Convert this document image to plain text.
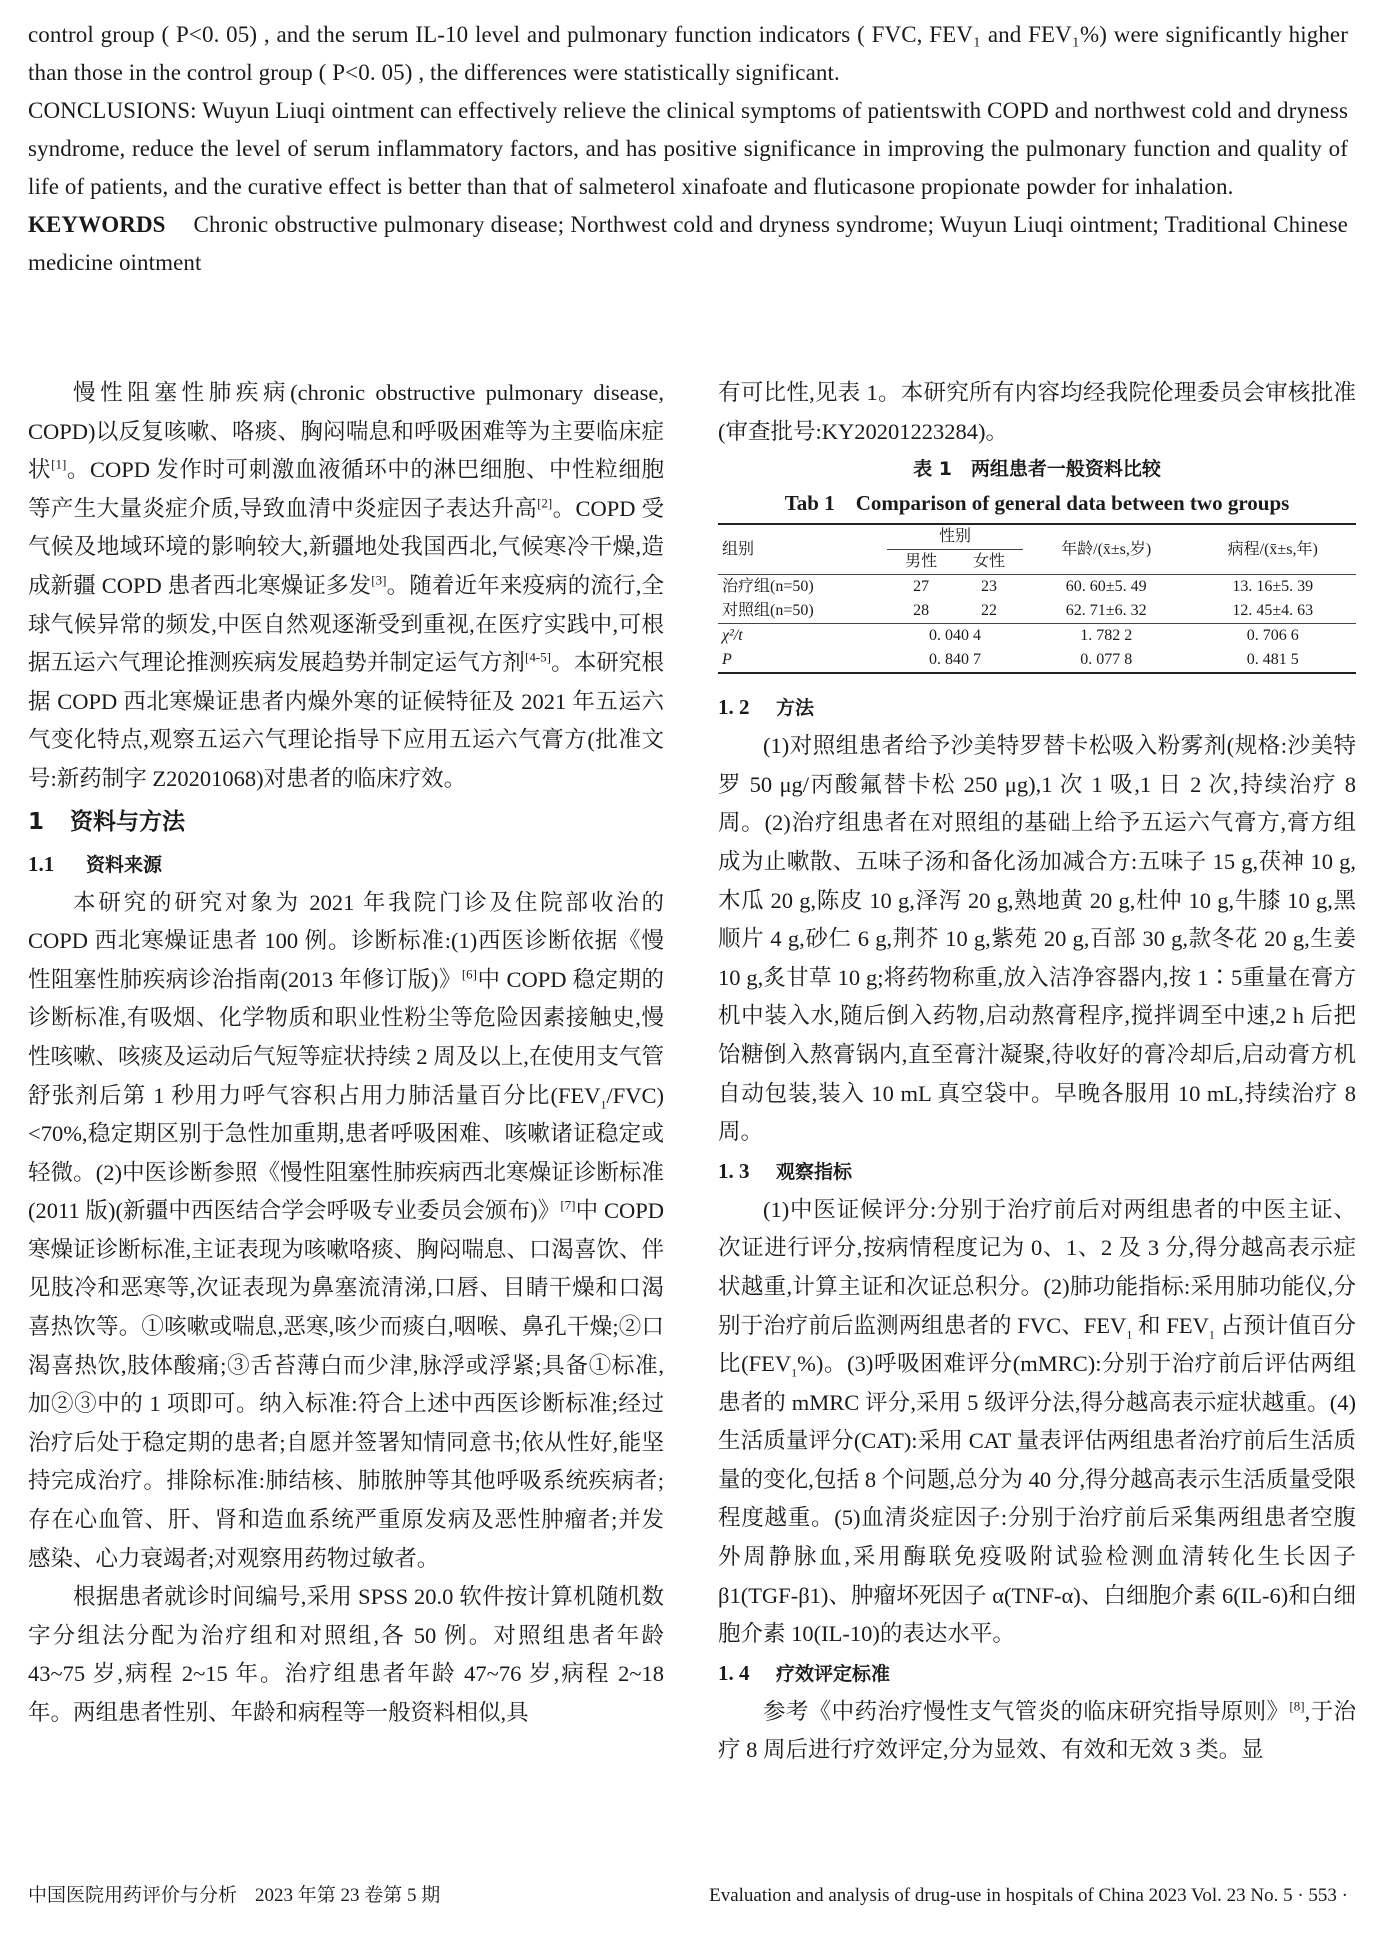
control group ( P<0. 05) , and the serum IL-10 level and pulmonary function indicators ( FVC, FEV₁ and FEV₁%) were significantly higher than those in the control group ( P<0. 05) , the differences were statistically significant.

CONCLUSIONS: Wuyun Liuqi ointment can effectively relieve the clinical symptoms of patientswith COPD and northwest cold and dryness syndrome, reduce the level of serum inflammatory factors, and has positive significance in improving the pulmonary function and quality of life of patients, and the curative effect is better than that of salmeterol xinafoate and fluticasone propionate powder for inhalation.

KEYWORDS Chronic obstructive pulmonary disease; Northwest cold and dryness syndrome; Wuyun Liuqi ointment; Traditional Chinese medicine ointment

慢性阻塞性肺疾病(chronic obstructive pulmonary disease, COPD)以反复咳嗽、咯痰、胸闷喘息和呼吸困难等为主要临床症状[1]。COPD 发作时可刺激血液循环中的淋巴细胞、中性粒细胞等产生大量炎症介质,导致血清中炎症因子表达升高[2]。COPD 受气候及地域环境的影响较大,新疆地处我国西北,气候寒冷干燥,造成新疆 COPD 患者西北寒燥证多发[3]。随着近年来疫病的流行,全球气候异常的频发,中医自然观逐渐受到重视,在医疗实践中,可根据五运六气理论推测疾病发展趋势并制定运气方剂[4-5]。本研究根据 COPD 西北寒燥证患者内燥外寒的证候特征及 2021 年五运六气变化特点,观察五运六气理论指导下应用五运六气膏方(批准文号:新药制字 Z20201068)对患者的临床疗效。

1 资料与方法
1.1 资料来源

本研究的研究对象为 2021 年我院门诊及住院部收治的 COPD 西北寒燥证患者 100 例。诊断标准:(1)西医诊断依据《慢性阻塞性肺疾病诊治指南(2013 年修订版)》[6]中 COPD 稳定期的诊断标准,有吸烟、化学物质和职业性粉尘等危险因素接触史,慢性咳嗽、咳痰及运动后气短等症状持续 2 周及以上,在使用支气管舒张剂后第 1 秒用力呼气容积占用力肺活量百分比$(FEV_1/FVC)<70\%$,稳定期区别于急性加重期,患者呼吸困难、咳嗽诸证稳定或轻微。(2)中医诊断参照《慢性阻塞性肺疾病西北寒燥证诊断标准(2011 版)(新疆中西医结合学会呼吸专业委员会颁布)》[7]中 COPD 寒燥证诊断标准,主证表现为咳嗽咯痰、胸闷喘息、口渴喜饮、伴见肢冷和恶寒等,次证表现为鼻塞流清涕,口唇、目睛干燥和口渴喜热饮等。①咳嗽或喘息,恶寒,咳少而痰白,咽喉、鼻孔干燥;②口渴喜热饮,肢体酸痛;③舌苔薄白而少津,脉浮或浮紧;具备①标准,加②③中的 1 项即可。纳入标准:符合上述中西医诊断标准;经过治疗后处于稳定期的患者;自愿并签署知情同意书;依从性好,能坚持完成治疗。排除标准:肺结核、肺脓肿等其他呼吸系统疾病者;存在心血管、肝、肾和造血系统严重原发病及恶性肿瘤者;并发感染、心力衰竭者;对观察用药物过敏者。

根据患者就诊时间编号,采用 SPSS 20.0 软件按计算机随机数字分组法分配为治疗组和对照组,各 50 例。对照组患者年龄 43~75 岁,病程 2~15 年。治疗组患者年龄 47~76 岁,病程 2~18 年。两组患者性别、年龄和病程等一般资料相似,具

有可比性,见表 1。本研究所有内容均经我院伦理委员会审核批准(审查批号:KY20201223284)。

表 1　两组患者一般资料比较
Tab 1　Comparison of general data between two groups
组别	性别		年龄/(x̄±s,岁)	病程/(x̄±s,年)
	男性	女性		
治疗组(n=50)	27	23	60. 60±5. 49	13. 16±5. 39
对照组(n=50)	28	22	62. 71±6. 32	12. 45±4. 63
χ²/t	0. 040 4		1. 782 2	0. 706 6
P	0. 840 7		0. 077 8	0. 481 5
1. 2 方法

(1)对照组患者给予沙美特罗替卡松吸入粉雾剂(规格:沙美特罗 50 μg/丙酸氟替卡松 250 μg),1 次 1 吸,1 日 2 次,持续治疗 8 周。(2)治疗组患者在对照组的基础上给予五运六气膏方,膏方组成为止嗽散、五味子汤和备化汤加减合方:五味子 15 g,茯神 10 g,木瓜 20 g,陈皮 10 g,泽泻 20 g,熟地黄 20 g,杜仲 10 g,牛膝 10 g,黑顺片 4 g,砂仁 6 g,荆芥 10 g,紫苑 20 g,百部 30 g,款冬花 20 g,生姜 10 g,炙甘草 10 g;将药物称重,放入洁净容器内,按 1∶5重量在膏方机中装入水,随后倒入药物,启动熬膏程序,搅拌调至中速,2 h 后把饴糖倒入熬膏锅内,直至膏汁凝聚,待收好的膏冷却后,启动膏方机自动包装,装入 10 mL 真空袋中。早晚各服用 10 mL,持续治疗 8 周。

1. 3 观察指标

(1)中医证候评分:分别于治疗前后对两组患者的中医主证、次证进行评分,按病情程度记为 0、1、2 及 3 分,得分越高表示症状越重,计算主证和次证总积分。(2)肺功能指标:采用肺功能仪,分别于治疗前后监测两组患者的 FVC、$FEV_1$ 和 $FEV_1$ 占预计值百分比$(FEV_1\%)$。(3)呼吸困难评分(mMRC):分别于治疗前后评估两组患者的 mMRC 评分,采用 5 级评分法,得分越高表示症状越重。(4)生活质量评分(CAT):采用 CAT 量表评估两组患者治疗前后生活质量的变化,包括 8 个问题,总分为 40 分,得分越高表示生活质量受限程度越重。(5)血清炎症因子:分别于治疗前后采集两组患者空腹外周静脉血,采用酶联免疫吸附试验检测血清转化生长因子 β1(TGF-β1)、肿瘤坏死因子 α(TNF-α)、白细胞介素 6(IL-6)和白细胞介素 10(IL-10)的表达水平。

1. 4 疗效评定标准

参考《中药治疗慢性支气管炎的临床研究指导原则》[8],于治疗 8 周后进行疗效评定,分为显效、有效和无效 3 类。显

中国医院用药评价与分析 2023 年第 23 卷第 5 期	Evaluation and analysis of drug-use in hospitals of China 2023 Vol. 23 No. 5 · 553 ·
